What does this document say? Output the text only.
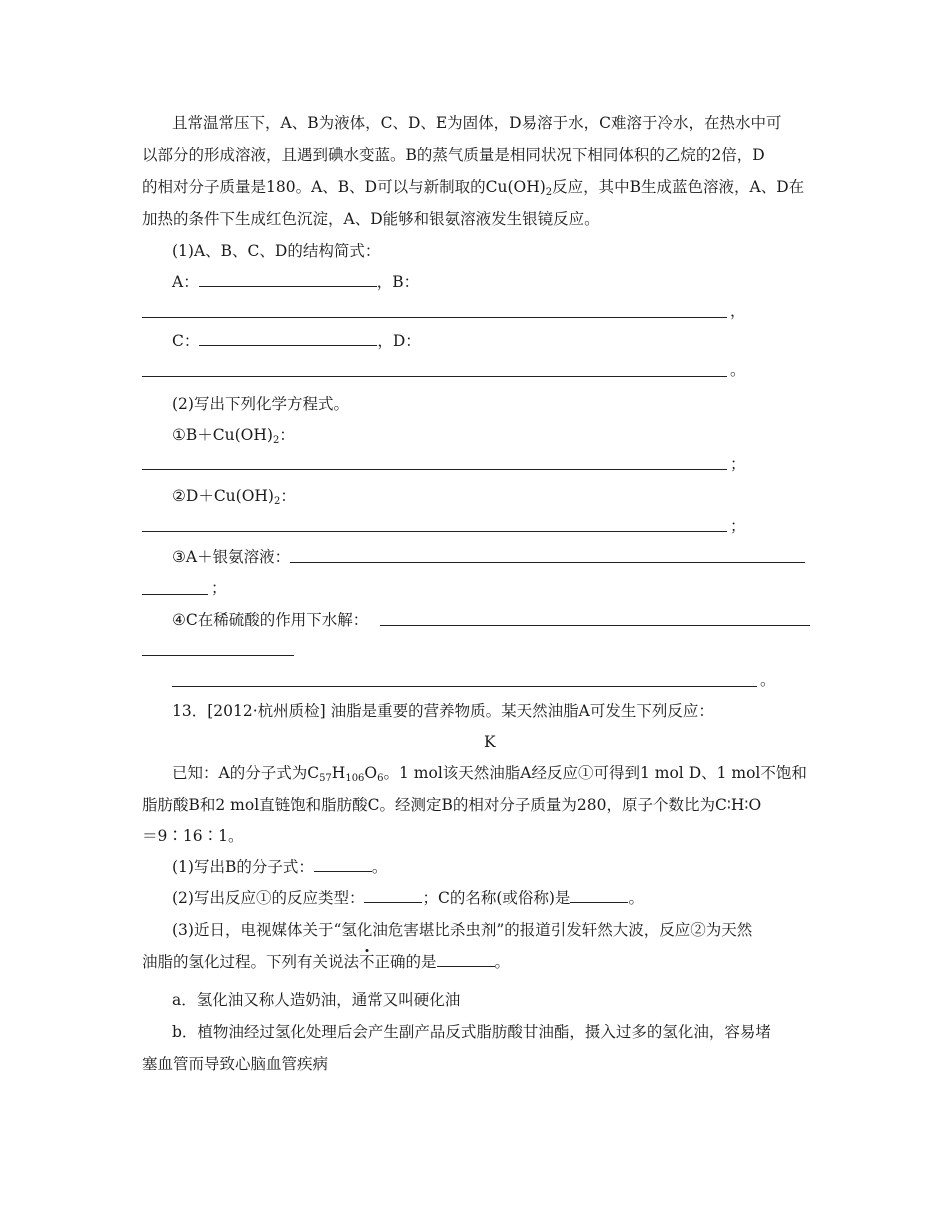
且常温常压下，A、B为液体，C、D、E为固体，D易溶于水，C难溶于冷水，在热水中可
以部分的形成溶液，且遇到碘水变蓝。B的蒸气质量是相同状况下相同体积的乙烷的2倍，D
的相对分子质量是180。A、B、D可以与新制取的$Cu(OH)_2$反应，其中B生成蓝色溶液，A、D在
加热的条件下生成红色沉淀，A、D能够和银氨溶液发生银镜反应。
(1)A、B、C、D的结构简式：
A：	，B：
，
C：	，D：
。
(2)写出下列化学方程式。
$①B+Cu(OH)_2$：
；
$②D+Cu(OH)_2$：
；
③A＋银氨溶液：
；
④C在稀硫酸的作用下水解：
。
13．[2012·杭州质检] 油脂是重要的营养物质。某天然油脂A可发生下列反应：
K
已知：A的分子式为$C_{57}H_{106}O_6$。1 mol该天然油脂A经反应①可得到1 mol D、1 mol不饱和
脂肪酸B和2 mol直链饱和脂肪酸C。经测定B的相对分子质量为280，原子个数比为C∶H∶O
＝9∶16∶1。
(1)写出B的分子式：	。
(2)写出反应①的反应类型：	；C的名称(或俗称)是	。
(3)近日，电视媒体关于“氢化油危害堪比杀虫剂”的报道引发轩然大波，反应②为天然
油脂的氢化过程。下列有关说法不正确的是	。
a．氢化油又称人造奶油，通常又叫硬化油
b．植物油经过氢化处理后会产生副产品反式脂肪酸甘油酯，摄入过多的氢化油，容易堵
塞血管而导致心脑血管疾病
